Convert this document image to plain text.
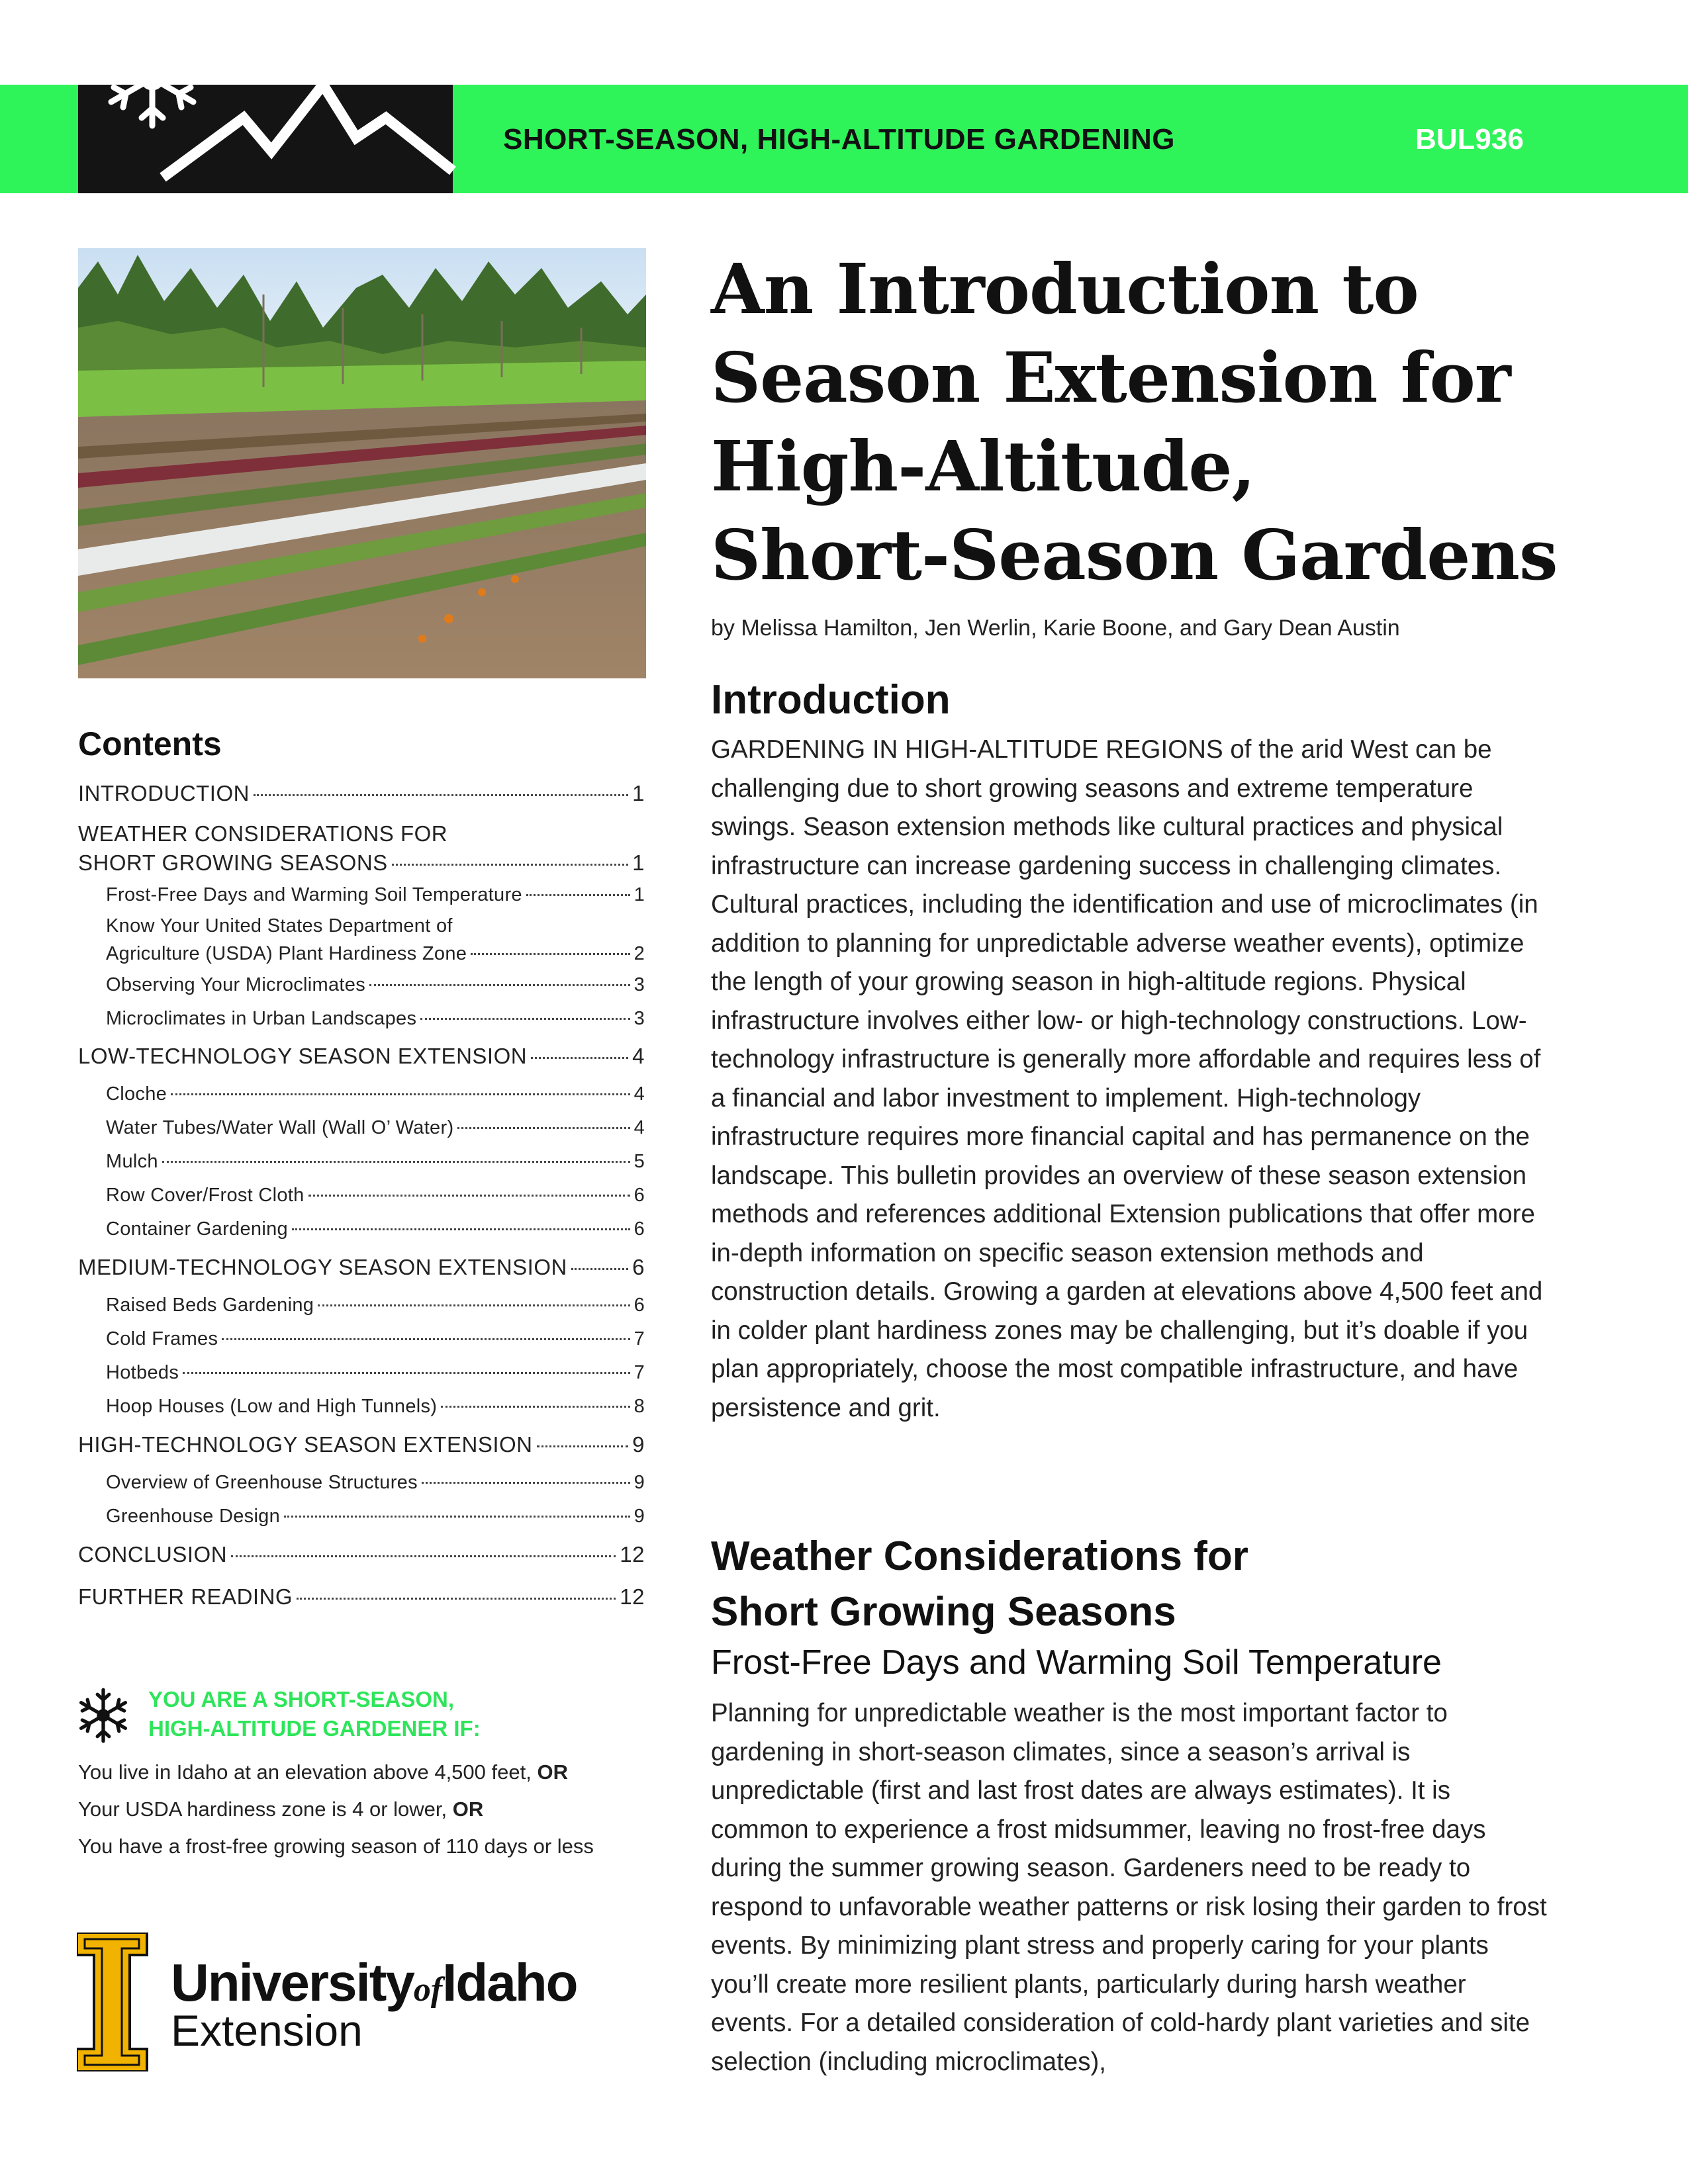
SHORT-SEASON, HIGH-ALTITUDE GARDENING	BUL936
Contents
INTRODUCTION	1
WEATHER CONSIDERATIONS FOR
SHORT GROWING SEASONS	1
Frost-Free Days and Warming Soil Temperature	1
Know Your United States Department of
Agriculture (USDA) Plant Hardiness Zone	2
Observing Your Microclimates	3
Microclimates in Urban Landscapes	3
LOW-TECHNOLOGY SEASON EXTENSION	4
Cloche	4
Water Tubes/Water Wall (Wall O’ Water)	4
Mulch	5
Row Cover/Frost Cloth	6
Container Gardening	6
MEDIUM-TECHNOLOGY SEASON EXTENSION	6
Raised Beds Gardening	6
Cold Frames	7
Hotbeds	7
Hoop Houses (Low and High Tunnels)	8
HIGH-TECHNOLOGY SEASON EXTENSION	9
Overview of Greenhouse Structures	9
Greenhouse Design	9
CONCLUSION	12
FURTHER READING	12
YOU ARE A SHORT-SEASON,
HIGH-ALTITUDE GARDENER IF:
You live in Idaho at an elevation above 4,500 feet, OR
Your USDA hardiness zone is 4 or lower, OR
You have a frost-free growing season of 110 days or less
UniversityofIdaho
Extension
An Introduction to
Season Extension for
High-Altitude,
Short-Season Gardens
by Melissa Hamilton, Jen Werlin, Karie Boone, and Gary Dean Austin
Introduction

GARDENING IN HIGH-ALTITUDE REGIONS of the arid West can be challenging due to short growing seasons and extreme temperature swings. Season extension methods like cultural practices and physical infrastructure can increase gardening success in challenging climates. Cultural practices, including the identification and use of microclimates (in addition to planning for unpredictable adverse weather events), optimize the length of your growing season in high-altitude regions. Physical infrastructure involves either low- or high-technology constructions. Low-technology infrastructure is generally more affordable and requires less of a financial and labor investment to implement. High-technology infrastructure requires more financial capital and has permanence on the landscape. This bulletin provides an overview of these season extension methods and references additional Extension publications that offer more in-depth information on specific season extension methods and construction details. Growing a garden at elevations above 4,500 feet and in colder plant hardiness zones may be challenging, but it’s doable if you plan appropriately, choose the most compatible infrastructure, and have persistence and grit.

Weather Considerations for
Short Growing Seasons
Frost-Free Days and Warming Soil Temperature

Planning for unpredictable weather is the most important factor to gardening in short-season climates, since a season’s arrival is unpredictable (first and last frost dates are always estimates). It is common to experience a frost midsummer, leaving no frost-free days during the summer growing season. Gardeners need to be ready to respond to unfavorable weather patterns or risk losing their garden to frost events. By minimizing plant stress and properly caring for your plants you’ll create more resilient plants, particularly during harsh weather events. For a detailed consideration of cold-hardy plant varieties and site selection (including microclimates),
